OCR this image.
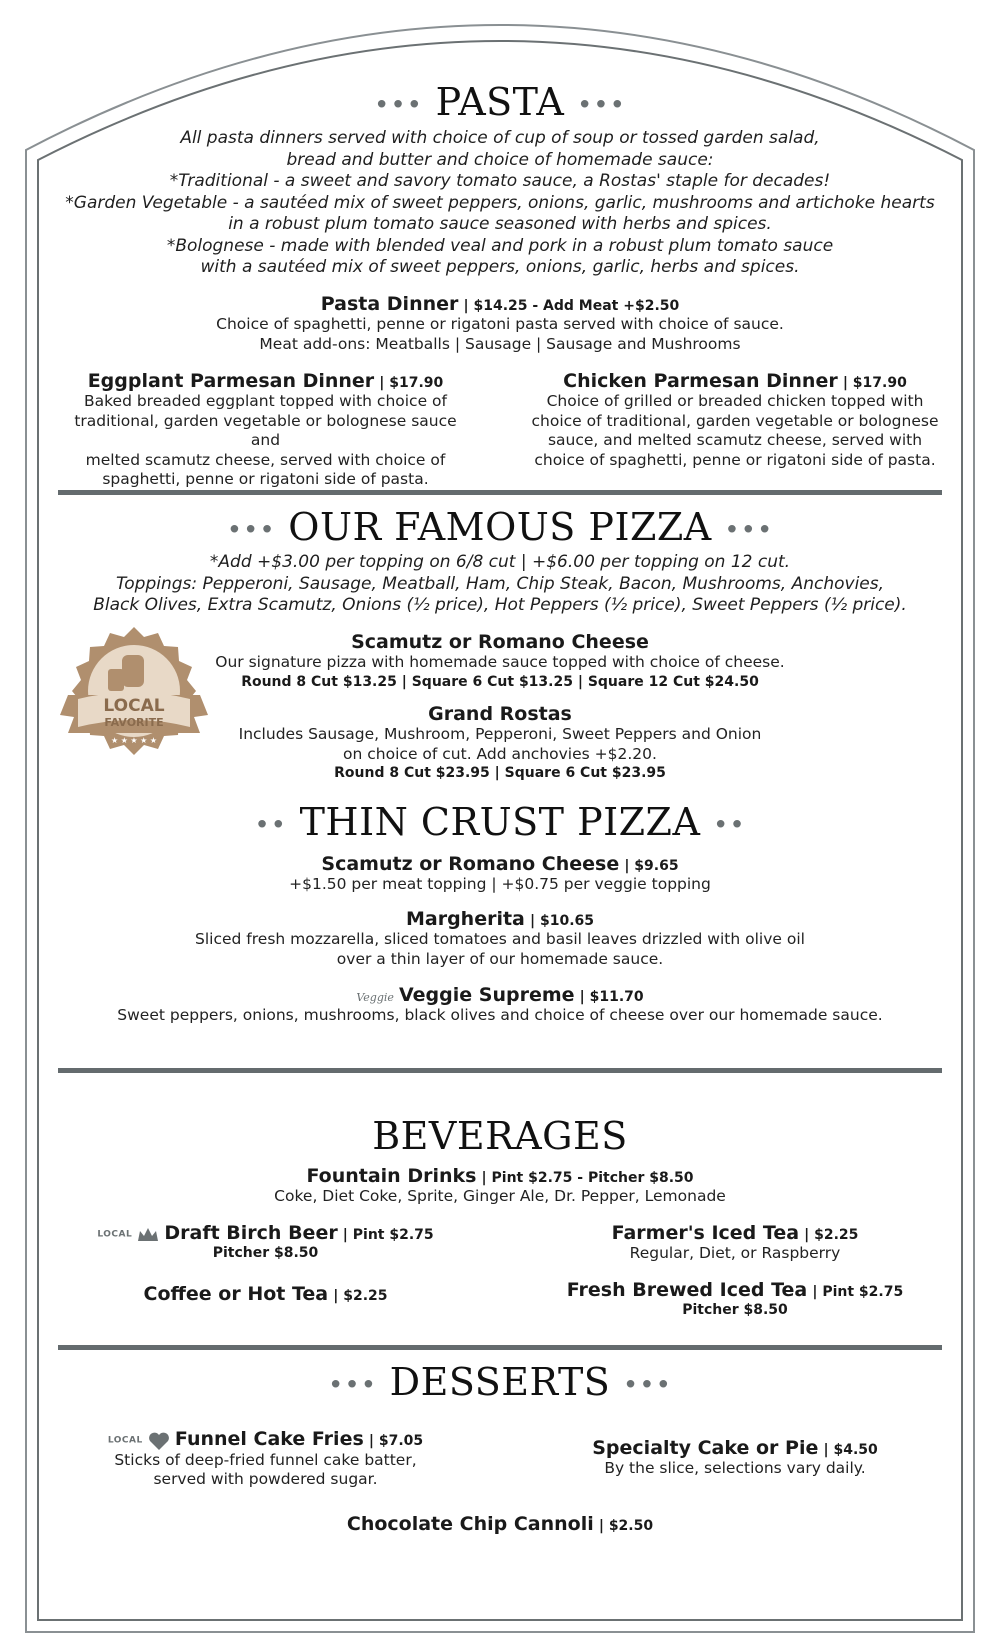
••• PASTA •••
All pasta dinners served with choice of cup of soup or tossed garden salad,
bread and butter and choice of homemade sauce:
*Traditional - a sweet and savory tomato sauce, a Rostas' staple for decades!
*Garden Vegetable - a sautéed mix of sweet peppers, onions, garlic, mushrooms and artichoke hearts
in a robust plum tomato sauce seasoned with herbs and spices.
*Bolognese - made with blended veal and pork in a robust plum tomato sauce
with a sautéed mix of sweet peppers, onions, garlic, herbs and spices.
Pasta Dinner | $14.25 - Add Meat +$2.50
Choice of spaghetti, penne or rigatoni pasta served with choice of sauce.
Meat add-ons: Meatballs | Sausage | Sausage and Mushrooms
Eggplant Parmesan Dinner | $17.90
Baked breaded eggplant topped with choice of
traditional, garden vegetable or bolognese sauce and
melted scamutz cheese, served with choice of
spaghetti, penne or rigatoni side of pasta.
Chicken Parmesan Dinner | $17.90
Choice of grilled or breaded chicken topped with
choice of traditional, garden vegetable or bolognese
sauce, and melted scamutz cheese, served with
choice of spaghetti, penne or rigatoni side of pasta.
••• OUR FAMOUS PIZZA •••
*Add +$3.00 per topping on 6/8 cut | +$6.00 per topping on 12 cut.
Toppings: Pepperoni, Sausage, Meatball, Ham, Chip Steak, Bacon, Mushrooms, Anchovies,
Black Olives, Extra Scamutz, Onions (½ price), Hot Peppers (½ price), Sweet Peppers (½ price).
LOCAL
FAVORITE
★ ★ ★ ★ ★
Scamutz or Romano Cheese
Our signature pizza with homemade sauce topped with choice of cheese.
Round 8 Cut $13.25 | Square 6 Cut $13.25 | Square 12 Cut $24.50
Grand Rostas
Includes Sausage, Mushroom, Pepperoni, Sweet Peppers and Onion
on choice of cut. Add anchovies +$2.20.
Round 8 Cut $23.95 | Square 6 Cut $23.95
•• THIN CRUST PIZZA ••
Scamutz or Romano Cheese | $9.65
+$1.50 per meat topping | +$0.75 per veggie topping
Margherita | $10.65
Sliced fresh mozzarella, sliced tomatoes and basil leaves drizzled with olive oil
over a thin layer of our homemade sauce.
Veggie Veggie Supreme | $11.70
Sweet peppers, onions, mushrooms, black olives and choice of cheese over our homemade sauce.
BEVERAGES
Fountain Drinks | Pint $2.75 - Pitcher $8.50
Coke, Diet Coke, Sprite, Ginger Ale, Dr. Pepper, Lemonade
LOCAL Draft Birch Beer | Pint $2.75
Pitcher $8.50
Coffee or Hot Tea | $2.25
Farmer's Iced Tea | $2.25
Regular, Diet, or Raspberry
Fresh Brewed Iced Tea | Pint $2.75
Pitcher $8.50
••• DESSERTS •••
LOCAL Funnel Cake Fries | $7.05
Sticks of deep-fried funnel cake batter,
served with powdered sugar.
Specialty Cake or Pie | $4.50
By the slice, selections vary daily.
Chocolate Chip Cannoli | $2.50
